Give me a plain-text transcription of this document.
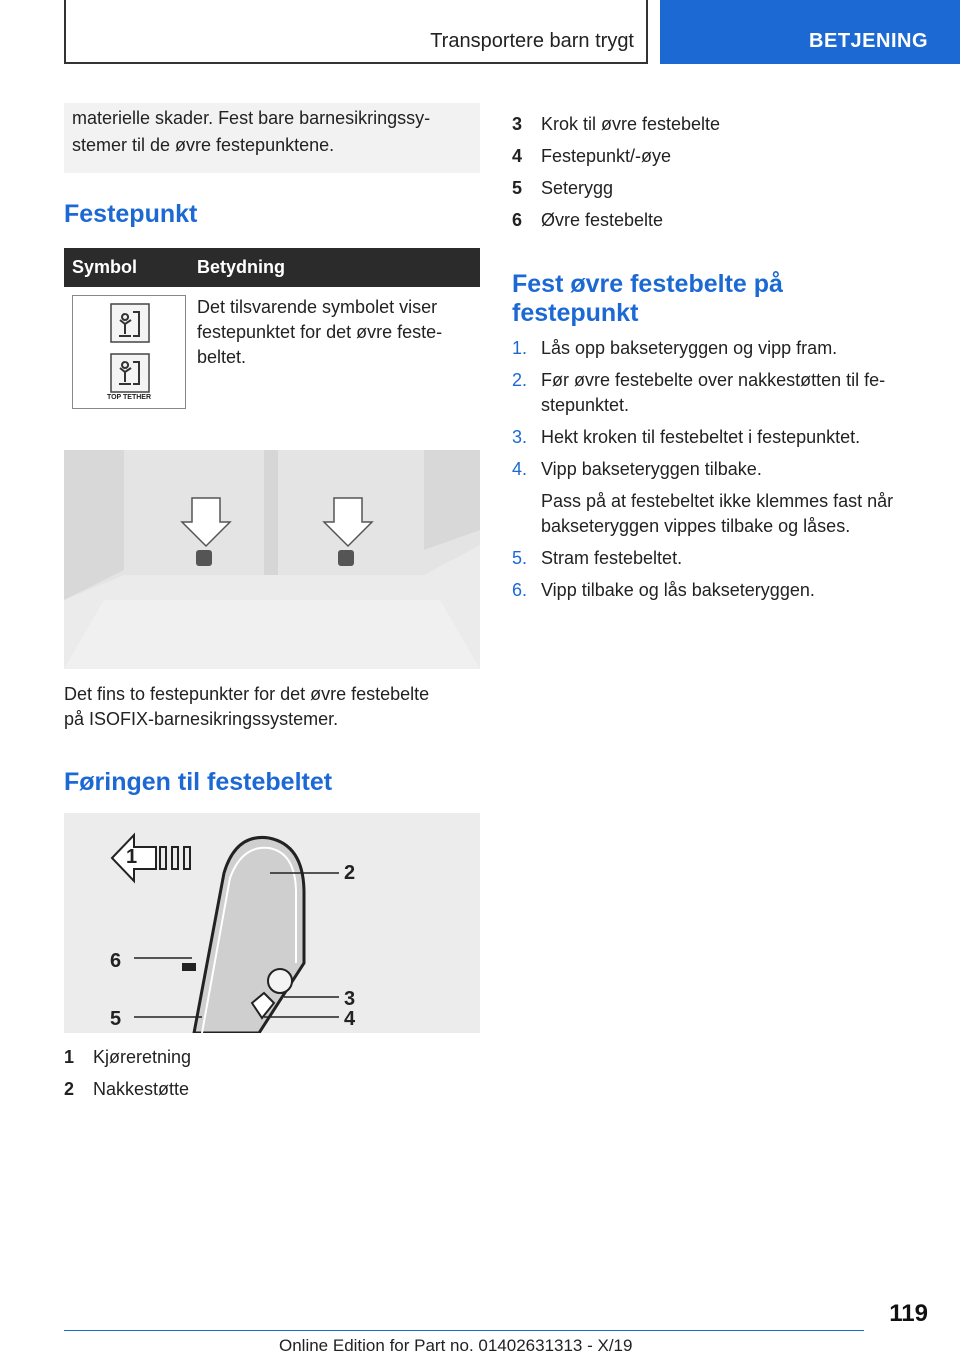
Transportere barn trygt	BETJENING
materielle skader. Fest bare barnesikringssy-
stemer til de øvre festepunktene.
Festepunkt
Symbol	Betydning
TOP TETHER
Det tilsvarende symbolet viser
festepunktet for det øvre feste-
beltet.
Det fins to festepunkter for det øvre festebelte
på ISOFIX-barnesikringssystemer.
Føringen til festebeltet
1
2
3
4
5
6
1 Kjøreretning
2 Nakkestøtte
3 Krok til øvre festebelte
4 Festepunkt/-øye
5 Seterygg
6 Øvre festebelte
Fest øvre festebelte på
festepunkt
1. Lås opp bakseteryggen og vipp fram.
2. Før øvre festebelte over nakkestøtten til fe-stepunktet.
3. Hekt kroken til festebeltet i festepunktet.
4. Vipp bakseteryggen tilbake.
Pass på at festebeltet ikke klemmes fast når bakseteryggen vippes tilbake og låses.
5. Stram festebeltet.
6. Vipp tilbake og lås bakseteryggen.
119
Online Edition for Part no. 01402631313 - X/19
